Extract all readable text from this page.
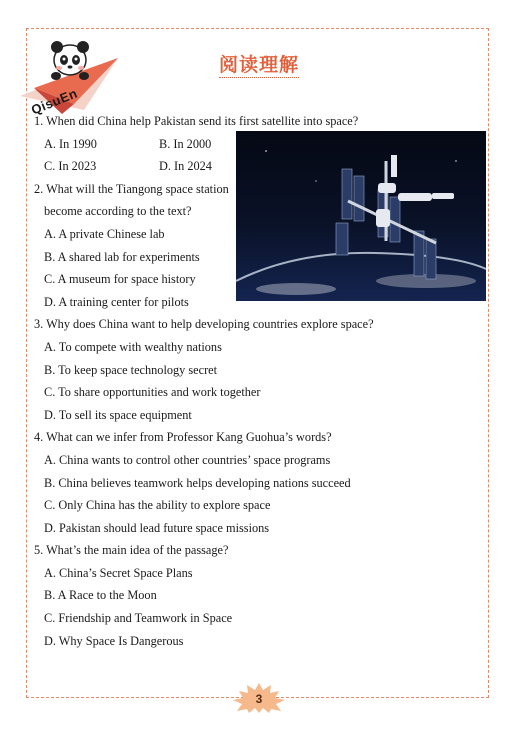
QisuEn
阅读理解

1. When did China help Pakistan send its first satellite into space?

A. In 1990	B. In 2000
C. In 2023	D. In 2024

2. What will the Tiangong space station

become according to the text?

A. A private Chinese lab

B. A shared lab for experiments

C. A museum for space history

D. A training center for pilots

3. Why does China want to help developing countries explore space?

A. To compete with wealthy nations

B. To keep space technology secret

C. To share opportunities and work together

D. To sell its space equipment

4. What can we infer from Professor Kang Guohua’s words?

A. China wants to control other countries’ space programs

B. China believes teamwork helps developing nations succeed

C. Only China has the ability to explore space

D. Pakistan should lead future space missions

5. What’s the main idea of the passage?

A. China’s Secret Space Plans

B. A Race to the Moon

C. Friendship and Teamwork in Space

D. Why Space Is Dangerous

3
